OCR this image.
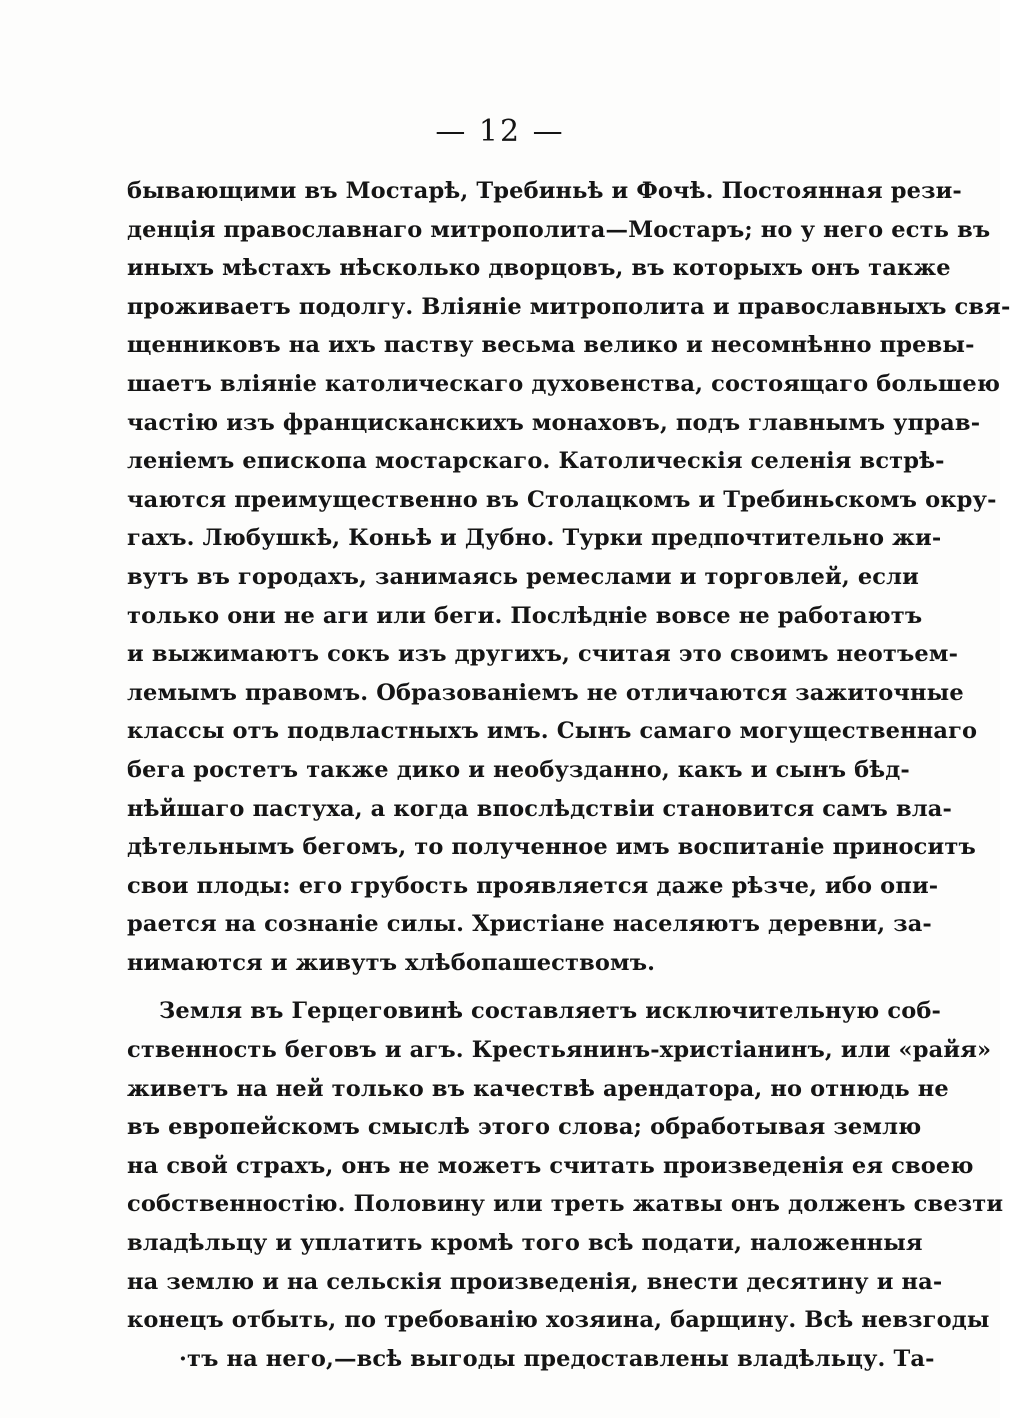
— 12 —
бывающими въ Мостарѣ, Требиньѣ и Фочѣ. Постоянная рези-
денція православнаго митрополита—Мостаръ; но у него есть въ
иныхъ мѣстахъ нѣсколько дворцовъ, въ которыхъ онъ также
проживаетъ подолгу. Вліяніе митрополита и православныхъ свя-
щенниковъ на ихъ паству весьма велико и несомнѣнно превы-
шаетъ вліяніе католическаго духовенства, состоящаго большею
частію изъ францисканскихъ монаховъ, подъ главнымъ управ-
леніемъ епископа мостарскаго. Католическія селенія встрѣ-
чаются преимущественно въ Столацкомъ и Требиньскомъ окру-
гахъ. Любушкѣ, Коньѣ и Дубно. Турки предпочтительно жи-
вутъ въ городахъ, занимаясь ремеслами и торговлей, если
только они не аги или беги. Послѣдніе вовсе не работаютъ
и выжимаютъ сокъ изъ другихъ, считая это своимъ неотъем-
лемымъ правомъ. Образованіемъ не отличаются зажиточные
классы отъ подвластныхъ имъ. Сынъ самаго могущественнаго
бега ростетъ также дико и необузданно, какъ и сынъ бѣд-
нѣйшаго пастуха, а когда впослѣдствіи становится самъ вла-
дѣтельнымъ бегомъ, то полученное имъ воспитаніе приноситъ
свои плоды: его грубость проявляется даже рѣзче, ибо опи-
рается на сознаніе силы. Христіане населяютъ деревни, за-
нимаются и живутъ хлѣбопашествомъ.
Земля въ Герцеговинѣ составляетъ исключительную соб-
ственность беговъ и агъ. Крестьянинъ-христіанинъ, или «райя»
живетъ на ней только въ качествѣ арендатора, но отнюдь не
въ европейскомъ смыслѣ этого слова; обработывая землю
на свой страхъ, онъ не можетъ считать произведенія ея своею
собственностію. Половину или треть жатвы онъ долженъ свезти
владѣльцу и уплатить кромѣ того всѣ подати, наложенныя
на землю и на сельскія произведенія, внести десятину и на-
конецъ отбыть, по требованію хозяина, барщину. Всѣ невзгоды
·тъ на него,—всѣ выгоды предоставлены владѣльцу. Та-
